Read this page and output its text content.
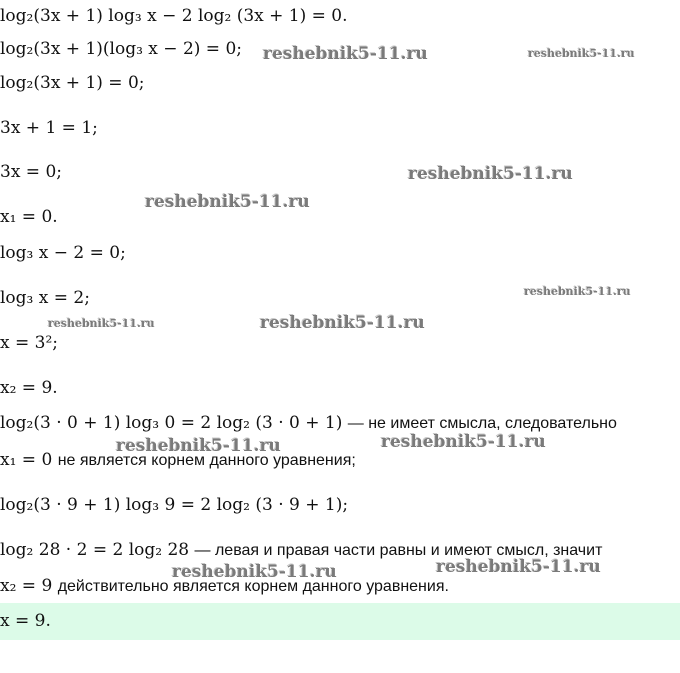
log₂(3x + 1) log₃ x − 2 log₂ (3x + 1) = 0.
log₂(3x + 1)(log₃ x − 2) = 0;
log₂(3x + 1) = 0;
3x + 1 = 1;
3x = 0;
x₁ = 0.
log₃ x − 2 = 0;
log₃ x = 2;
x = 3²;
x₂ = 9.
log₂(3 · 0 + 1) log₃ 0 = 2 log₂ (3 · 0 + 1) — не имеет смысла, следовательно
x₁ = 0 не является корнем данного уравнения;
log₂(3 · 9 + 1) log₃ 9 = 2 log₂ (3 · 9 + 1);
log₂ 28 · 2 = 2 log₂ 28 — левая и правая части равны и имеют смысл, значит
x₂ = 9 действительно является корнем данного уравнения.
x = 9.
reshebnik5-11.ru	reshebnik5-11.ru
reshebnik5-11.ru
reshebnik5-11.ru
reshebnik5-11.ru
reshebnik5-11.ru	reshebnik5-11.ru
reshebnik5-11.ru	reshebnik5-11.ru
reshebnik5-11.ru	reshebnik5-11.ru
